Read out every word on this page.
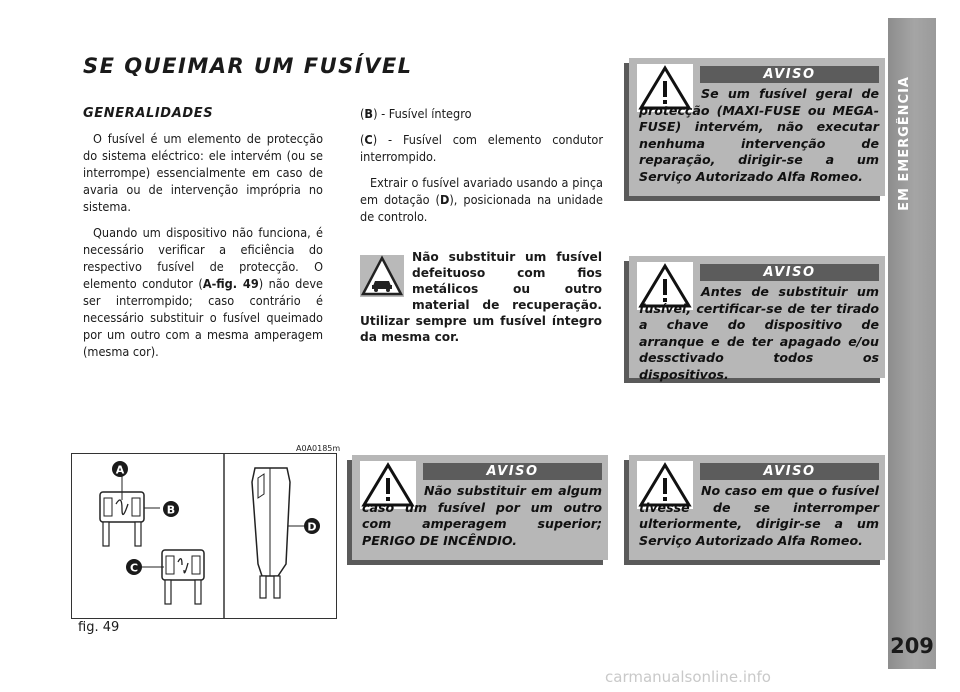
EM EMERGÊNCIA
209
SE QUEIMAR UM FUSÍVEL
GENERALIDADES

O fusível é um elemento de protecção do sistema eléctrico: ele intervém (ou se interrompe) essencialmente em caso de avaria ou de intervenção imprópria no sistema.

Quando um dispositivo não funciona, é necessário verificar a eficiência do respectivo fusível de protecção. O elemento condutor (A-fig. 49) não deve ser interrompido; caso contrário é necessário substituir o fusível queimado por um outro com a mesma amperagem (mesma cor).

(B) - Fusível íntegro

(C) - Fusível com elemento condutor interrompido.

Extrair o fusível avariado usando a pinça em dotação (D), posicionada na unidade de controlo.

Não substituir um fusível defeituoso com fios metálicos ou outro material de recuperação. Utilizar sempre um fusível íntegro da mesma cor.
AVISO

Se um fusível geral de protecção (MAXI-FUSE ou MEGA-FUSE) intervém, não executar nenhuma intervenção de reparação, dirigir-se a um Serviço Autorizado Alfa Romeo.

AVISO

Antes de substituir um fusível, certificar-se de ter tirado a chave do dispositivo de arranque e de ter apagado e/ou dessctivado todos os dispositivos.

AVISO

Não substituir em algum caso um fusível por um outro com amperagem superior; PERIGO DE INCÊNDIO.

AVISO

No caso em que o fusível tivesse de se interromper ulteriormente, dirigir-se a um Serviço Autorizado Alfa Romeo.

A0A0185m
A
B
C
D
fig. 49
carmanualsonline.info
